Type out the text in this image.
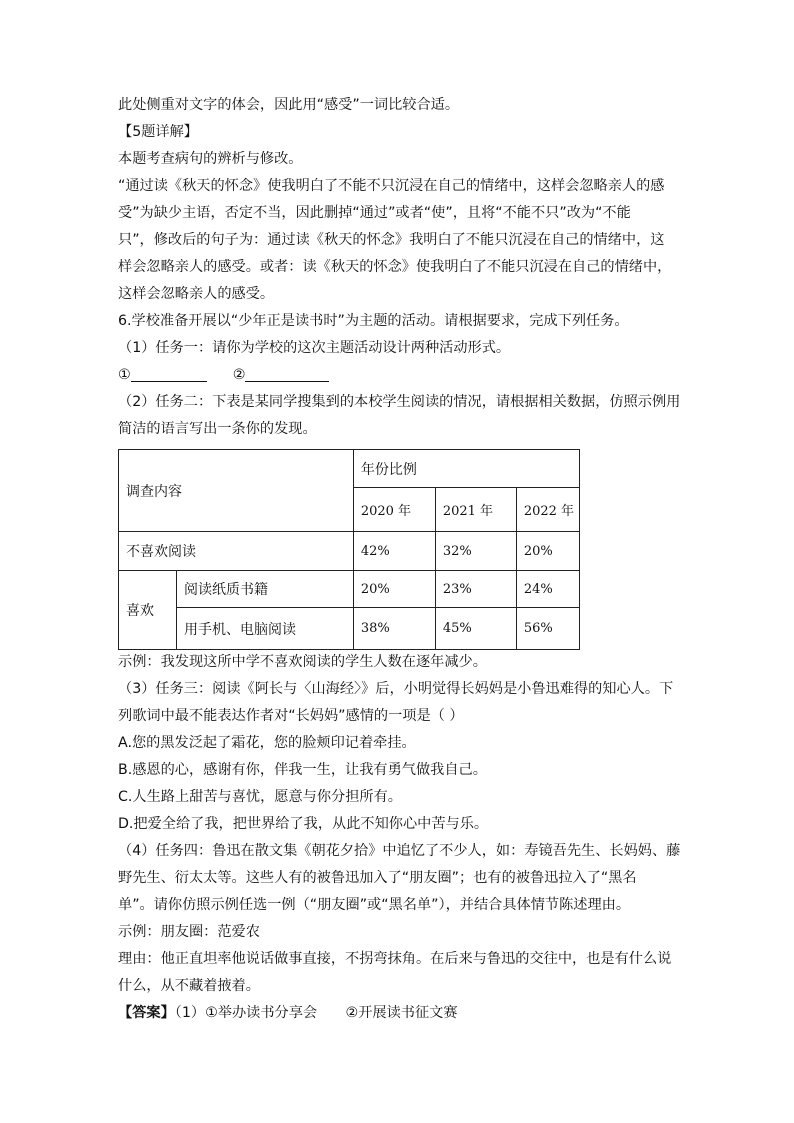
此处侧重对文字的体会，因此用“感受”一词比较合适。

【5题详解】

本题考查病句的辨析与修改。

“通过读《秋天的怀念》使我明白了不能不只沉浸在自己的情绪中，这样会忽略亲人的感

受”为缺少主语，否定不当，因此删掉“通过”或者“使”，且将“不能不只”改为“不能

只”，修改后的句子为：通过读《秋天的怀念》我明白了不能只沉浸在自己的情绪中，这

样会忽略亲人的感受。或者：读《秋天的怀念》使我明白了不能只沉浸在自己的情绪中，

这样会忽略亲人的感受。

6.学校准备开展以“少年正是读书时”为主题的活动。请根据要求，完成下列任务。

（1）任务一：请你为学校的这次主题活动设计两种活动形式。

①	②

（2）任务二：下表是某同学搜集到的本校学生阅读的情况，请根据相关数据，仿照示例用

简洁的语言写出一条你的发现。

调查内容		年份比例		
		2020 年	2021 年	2022 年
不喜欢阅读		42%	32%	20%
喜欢	阅读纸质书籍	20%	23%	24%
	用手机、电脑阅读	38%	45%	56%

示例：我发现这所中学不喜欢阅读的学生人数在逐年减少。

（3）任务三：阅读《阿长与〈山海经〉》后，小明觉得长妈妈是小鲁迅难得的知心人。下

列歌词中最不能表达作者对“长妈妈”感情的一项是（ ）

A.您的黑发泛起了霜花，您的脸颊印记着牵挂。

B.感恩的心，感谢有你，伴我一生，让我有勇气做我自己。

C.人生路上甜苦与喜忧，愿意与你分担所有。

D.把爱全给了我，把世界给了我，从此不知你心中苦与乐。

（4）任务四：鲁迅在散文集《朝花夕拾》中追忆了不少人，如：寿镜吾先生、长妈妈、藤

野先生、衍太太等。这些人有的被鲁迅加入了“朋友圈”；也有的被鲁迅拉入了“黑名

单”。请你仿照示例任选一例（“朋友圈”或“黑名单”），并结合具体情节陈述理由。

示例：朋友圈：范爱农

理由：他正直坦率他说话做事直接，不拐弯抹角。在后来与鲁迅的交往中，也是有什么说

什么，从不藏着掖着。

【答案】（1）①举办读书分享会　　②开展读书征文赛
